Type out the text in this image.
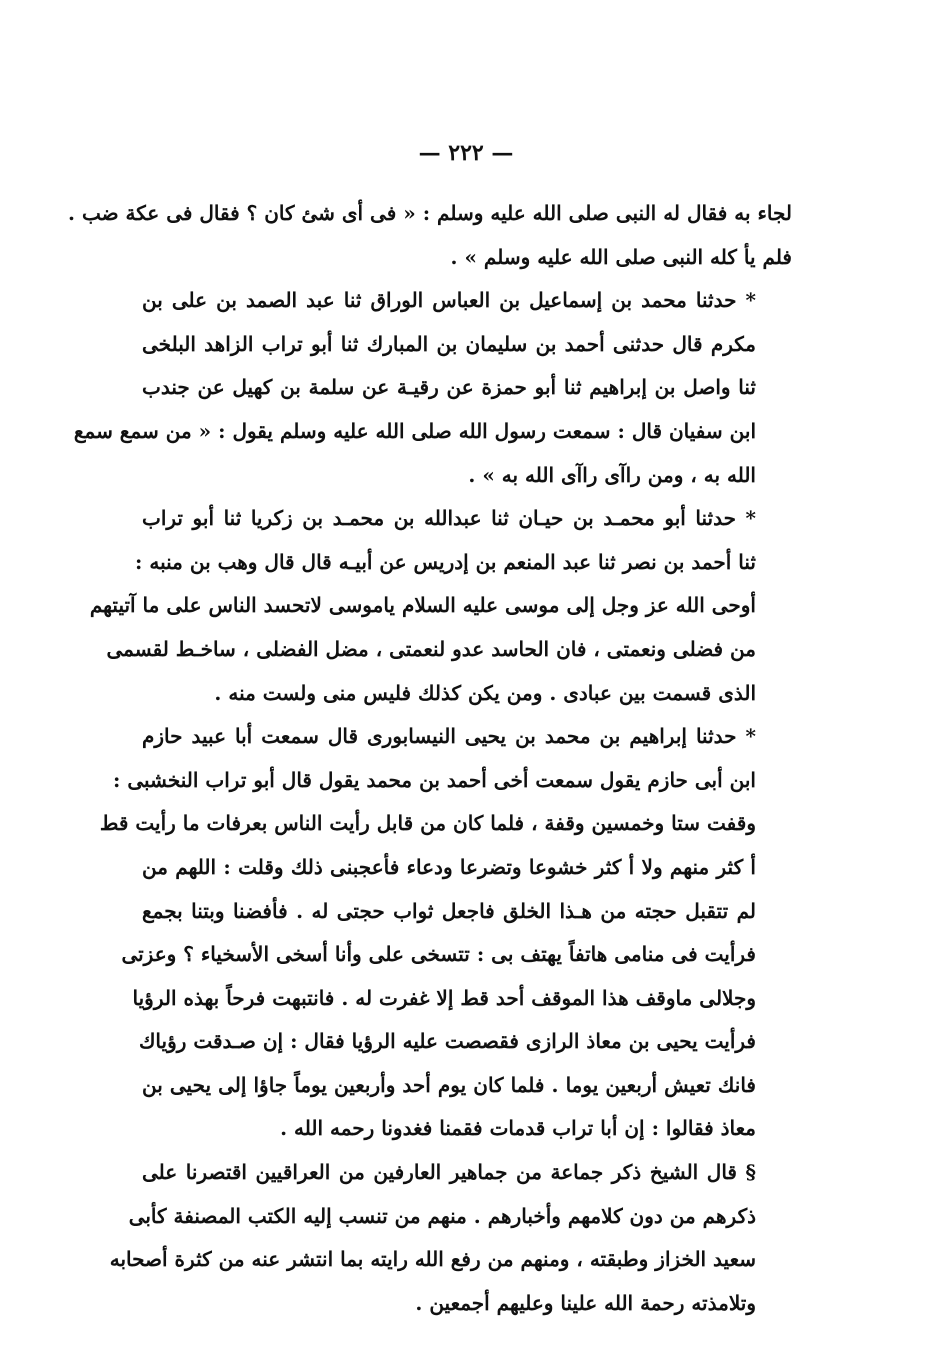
— ٢٢٢ —

لجاء به فقال له النبى صلى الله عليه وسلم : « فى أى شئ كان ؟ فقال فى عكة ضب .
فلم يأ كله النبى صلى الله عليه وسلم » .

* حدثنا محمد بن إسماعيل بن العباس الوراق ثنا عبد الصمد بن على بن
مكرم قال حدثنى أحمد بن سليمان بن المبارك ثنا أبو تراب الزاهد البلخى
ثنا واصل بن إبراهيم ثنا أبو حمزة عن رقيـة عن سلمة بن كهيل عن جندب
ابن سفيان قال : سمعت رسول الله صلى الله عليه وسلم يقول : « من سمع سمع
الله به ، ومن راآى راآى الله به » .

* حدثنا أبو محمـد بن حيـان ثنا عبدالله بن محمـد بن زكريا ثنا أبو تراب
ثنا أحمد بن نصر ثنا عبد المنعم بن إدريس عن أبيـه قال قال وهب بن منبه :
أوحى الله عز وجل إلى موسى عليه السلام ياموسى لاتحسد الناس على ما آتيتهم
من فضلى ونعمتى ، فان الحاسد عدو لنعمتى ، مضل الفضلى ، ساخـط لقسمى
الذى قسمت بين عبادى . ومن يكن كذلك فليس منى ولست منه .

* حدثنا إبراهيم بن محمد بن يحيى النيسابورى قال سمعت أبا عبيد حازم
ابن أبى حازم يقول سمعت أخى أحمد بن محمد يقول قال أبو تراب النخشبى :
وقفت ستا وخمسين وقفة ، فلما كان من قابل رأيت الناس بعرفات ما رأيت قط
أ كثر منهم ولا أ كثر خشوعا وتضرعا ودعاء فأعجبنى ذلك وقلت : اللهم من
لم تتقبل حجته من هـذا الخلق فاجعل ثواب حجتى له . فأفضنا وبتنا بجمع
فرأيت فى منامى هاتفاً يهتف بى : تتسخى على وأنا أسخى الأسخياء ؟ وعزتى
وجلالى ماوقف هذا الموقف أحد قط إلا غفرت له . فانتبهت فرحاً بهذه الرؤيا
فرأيت يحيى بن معاذ الرازى فقصصت عليه الرؤيا فقال : إن صـدقت رؤياك
فانك تعيش أربعين يوما . فلما كان يوم أحد وأربعين يوماً جاؤا إلى يحيى بن
معاذ فقالوا : إن أبا تراب قدمات فقمنا فغدونا رحمه الله .

§ قال الشيخ ذكر جماعة من جماهير العارفين من العراقيين اقتصرنا على
ذكرهم من دون كلامهم وأخبارهم . منهم من تنسب إليه الكتب المصنفة كأبى
سعيد الخزاز وطبقته ، ومنهم من رفع الله رايته بما انتشر عنه من كثرة أصحابه
وتلامذته رحمة الله علينا وعليهم أجمعين .
